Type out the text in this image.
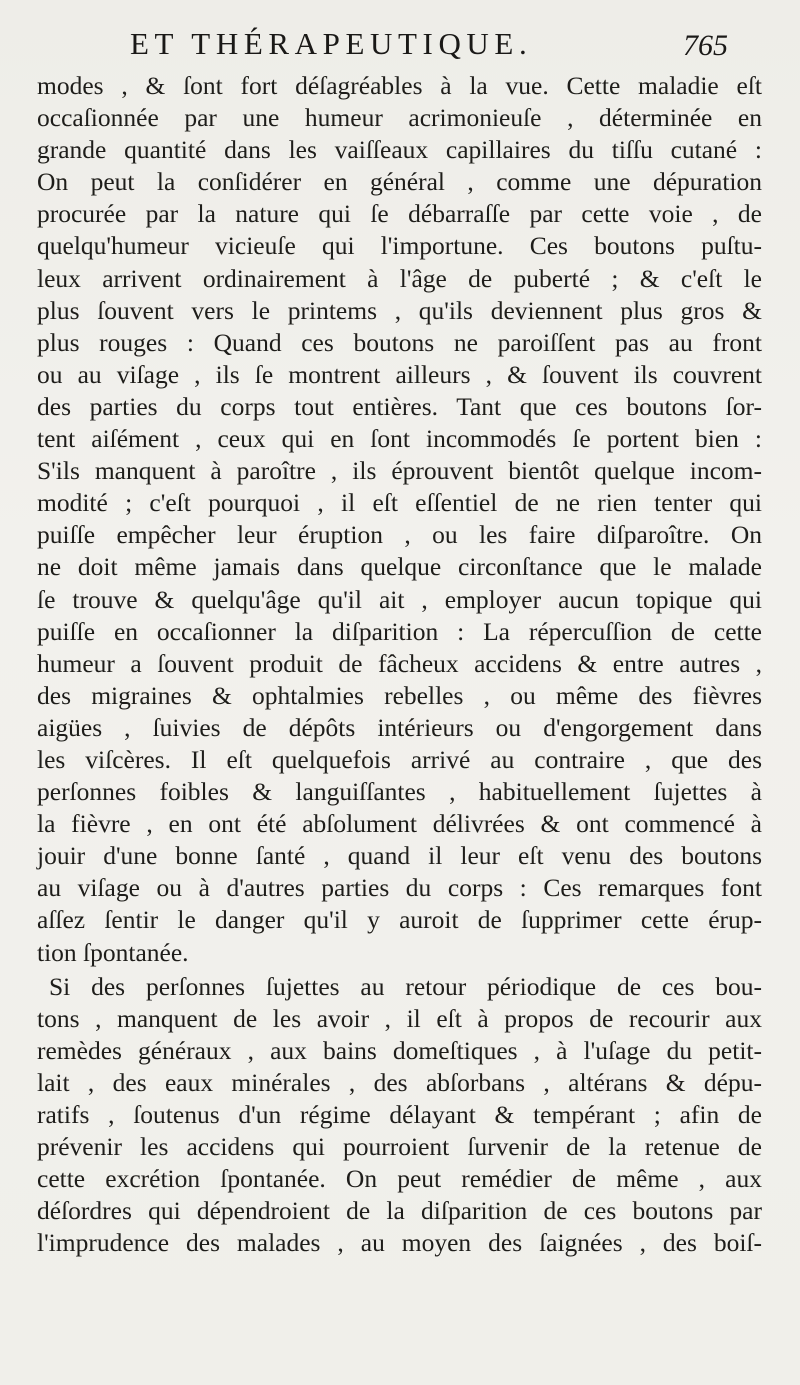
ET THÉRAPEUTIQUE.	765
modes , & ſont fort déſagréables à la vue. Cette maladie eſt
occaſionnée par une humeur acrimonieuſe , déterminée en
grande quantité dans les vaiſſeaux capillaires du tiſſu cutané :
On peut la conſidérer en général , comme une dépuration
procurée par la nature qui ſe débarraſſe par cette voie , de
quelqu'humeur vicieuſe qui l'importune. Ces boutons puſtu-
leux arrivent ordinairement à l'âge de puberté ; & c'eſt le
plus ſouvent vers le printems , qu'ils deviennent plus gros &
plus rouges : Quand ces boutons ne paroiſſent pas au front
ou au viſage , ils ſe montrent ailleurs , & ſouvent ils couvrent
des parties du corps tout entières. Tant que ces boutons ſor-
tent aiſément , ceux qui en ſont incommodés ſe portent bien :
S'ils manquent à paroître , ils éprouvent bientôt quelque incom-
modité ; c'eſt pourquoi , il eſt eſſentiel de ne rien tenter qui
puiſſe empêcher leur éruption , ou les faire diſparoître. On
ne doit même jamais dans quelque circonſtance que le malade
ſe trouve & quelqu'âge qu'il ait , employer aucun topique qui
puiſſe en occaſionner la diſparition : La répercuſſion de cette
humeur a ſouvent produit de fâcheux accidens & entre autres ,
des migraines & ophtalmies rebelles , ou même des fièvres
aigües , ſuivies de dépôts intérieurs ou d'engorgement dans
les viſcères. Il eſt quelquefois arrivé au contraire , que des
perſonnes foibles & languiſſantes , habituellement ſujettes à
la fièvre , en ont été abſolument délivrées & ont commencé à
jouir d'une bonne ſanté , quand il leur eſt venu des boutons
au viſage ou à d'autres parties du corps : Ces remarques font
aſſez ſentir le danger qu'il y auroit de ſupprimer cette érup-
tion ſpontanée.
Si des perſonnes ſujettes au retour périodique de ces bou-
tons , manquent de les avoir , il eſt à propos de recourir aux
remèdes généraux , aux bains domeſtiques , à l'uſage du petit-
lait , des eaux minérales , des abſorbans , altérans & dépu-
ratifs , ſoutenus d'un régime délayant & tempérant ; afin de
prévenir les accidens qui pourroient ſurvenir de la retenue de
cette excrétion ſpontanée. On peut remédier de même , aux
déſordres qui dépendroient de la diſparition de ces boutons par
l'imprudence des malades , au moyen des ſaignées , des boiſ-
